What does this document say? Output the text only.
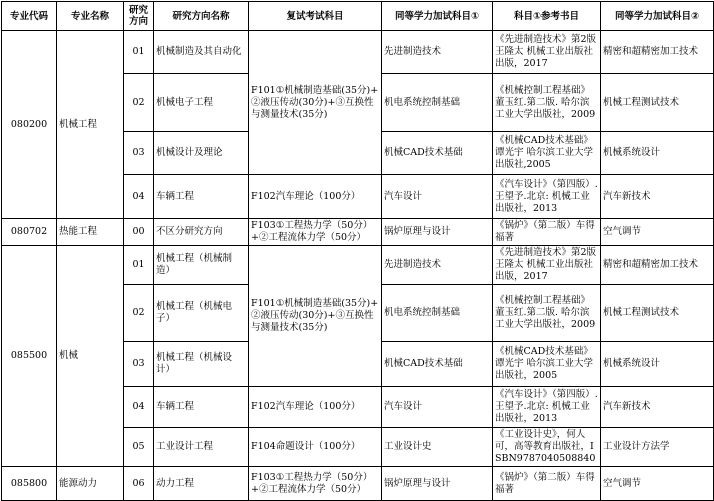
专业代码	专业名称	研究方向	研究方向名称	复试考试科目	同等学力加试科目①	科目①参考书目	同等学力加试科目②
080200	机械工程	01	机械制造及其自动化	F101①机械制造基础(35分)+②液压传动(30分)+③互换性与测量技术(35分)	先进制造技术	《先进制造技术》第2版 王隆太 机械工业出版社出版，2017	精密和超精密加工技术
		02	机械电子工程		机电系统控制基础	《机械控制工程基础》董玉红.第二版. 哈尔滨工业大学出版社，2009	机械工程测试技术
		03	机械设计及理论		机械CAD技术基础	《机械CAD技术基础》谭光宇 哈尔滨工业大学出版社,2005	机械系统设计
		04	车辆工程	F102汽车理论（100分）	汽车设计	《汽车设计》（第四版）.王望予.北京: 机械工业出版社，2013	汽车新技术
080702	热能工程	00	不区分研究方向	F103①工程热力学（50分）+②工程流体力学（50分）	锅炉原理与设计	《锅炉》（第二版）车得福著	空气调节
085500	机械	01	机械工程（机械制造）	F101①机械制造基础(35分)+②液压传动(30分)+③互换性与测量技术(35分)	先进制造技术	《先进制造技术》第2版 王隆太 机械工业出版社出版，2017	精密和超精密加工技术
		02	机械工程（机械电子）		机电系统控制基础	《机械控制工程基础》董玉红.第二版. 哈尔滨工业大学出版社，2009	机械工程测试技术
		03	机械工程（机械设计）		机械CAD技术基础	《机械CAD技术基础》谭光宇 哈尔滨工业大学出版社，2005	机械系统设计
		04	车辆工程	F102汽车理论（100分）	汽车设计	《汽车设计》（第四版）.王望予.北京: 机械工业出版社，2013	汽车新技术
		05	工业设计工程	F104命题设计（100分）	工业设计史	《工业设计史》，何人可，高等教育出版社，ISBN9787040508840	工业设计方法学
085800	能源动力	06	动力工程	F103①工程热力学（50分）+②工程流体力学（50分）	锅炉原理与设计	《锅炉》（第二版）车得福著	空气调节
